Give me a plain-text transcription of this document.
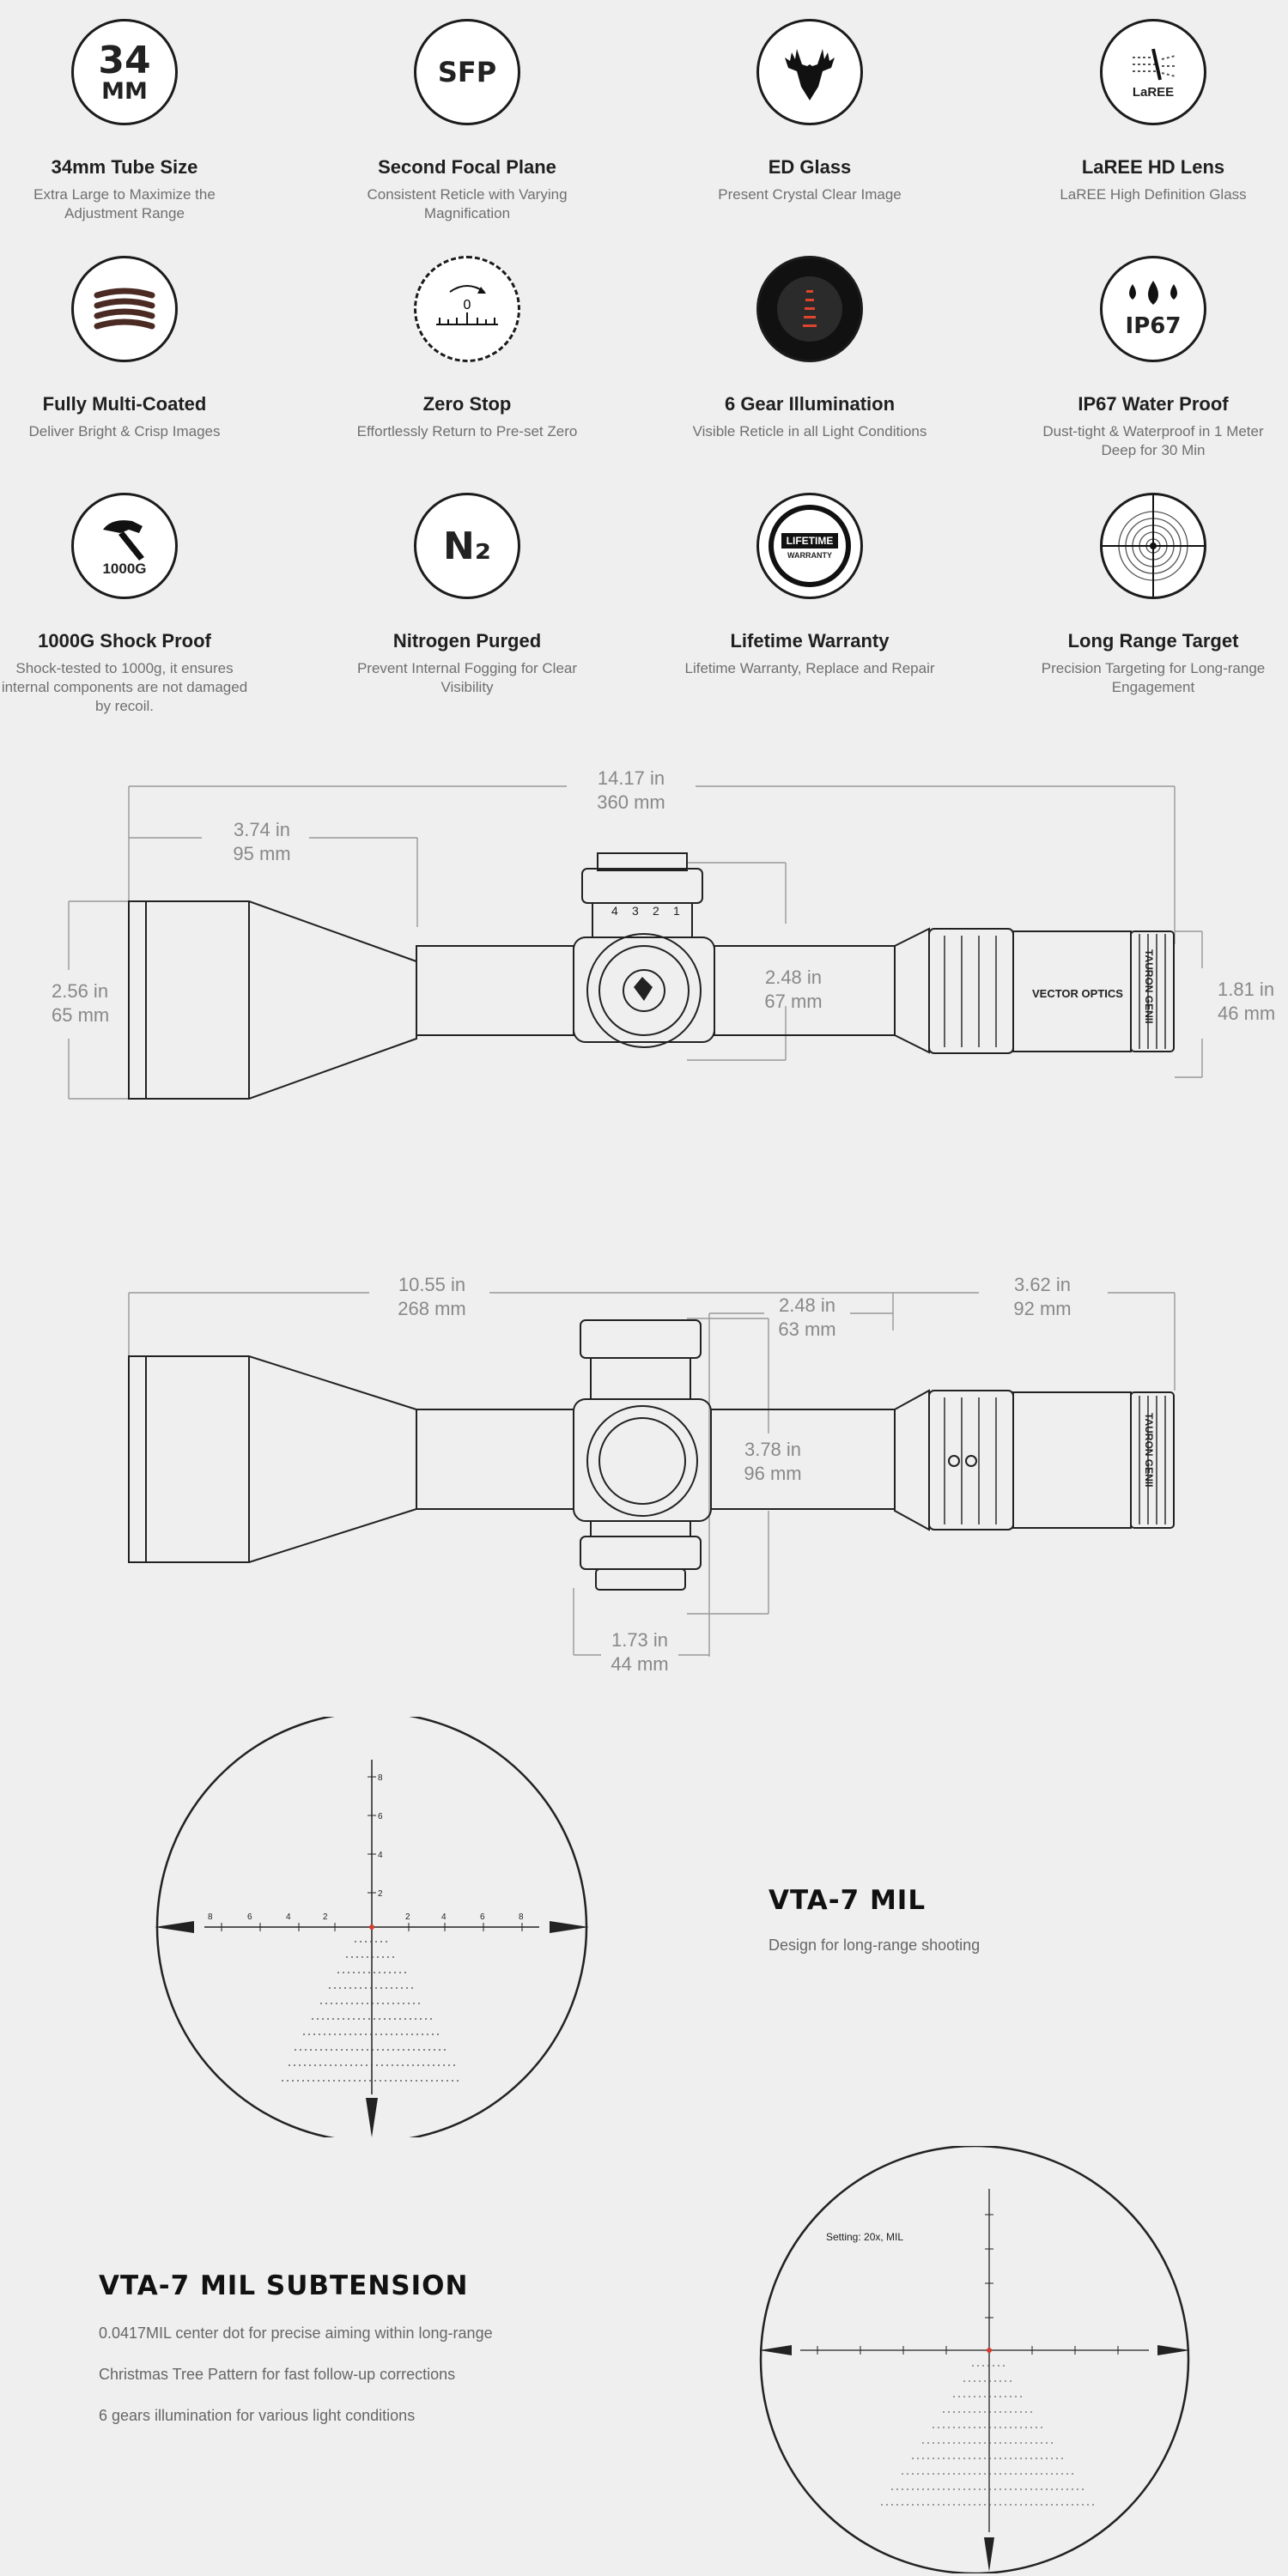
34
MM
34mm Tube Size
Extra Large to Maximize the Adjustment Range
SFP
Second Focal Plane
Consistent Reticle with Varying Magnification
ED Glass
Present Crystal Clear Image
LaREE
LaREE HD Lens
LaREE High Definition Glass
Fully Multi-Coated
Deliver Bright & Crisp Images
0
Zero Stop
Effortlessly Return to Pre-set Zero
6 Gear Illumination
Visible Reticle in all Light Conditions
IP67
IP67 Water Proof
Dust-tight & Waterproof in 1 Meter Deep for 30 Min
1000G
1000G Shock Proof
Shock-tested to 1000g, it ensures internal components are not damaged by recoil.
N₂
Nitrogen Purged
Prevent Internal Fogging for Clear Visibility
LIFETIME
WARRANTY
Lifetime Warranty
Lifetime Warranty, Replace and Repair
Long Range Target
Precision Targeting for Long-range Engagement
14.17 in
360 mm
3.74 in
95 mm
2.56 in
65 mm
2.48 in
67 mm
1.81 in
46 mm
4 3 2 1
VECTOR OPTICS TAURON GENII
10.55 in
268 mm	2.48 in
63 mm
3.62 in
92 mm
3.78 in
96 mm
1.73 in
44 mm
TAURON GENII
8	6	4	2	2	4	6	8
8
6
4
2	VTA-7 MIL
Design for long-range shooting
VTA-7 MIL SUBTENSION
0.0417MIL center dot for precise aiming within long-range
Christmas Tree Pattern for fast follow-up corrections
6 gears illumination for various light conditions
Setting: 20x, MIL
